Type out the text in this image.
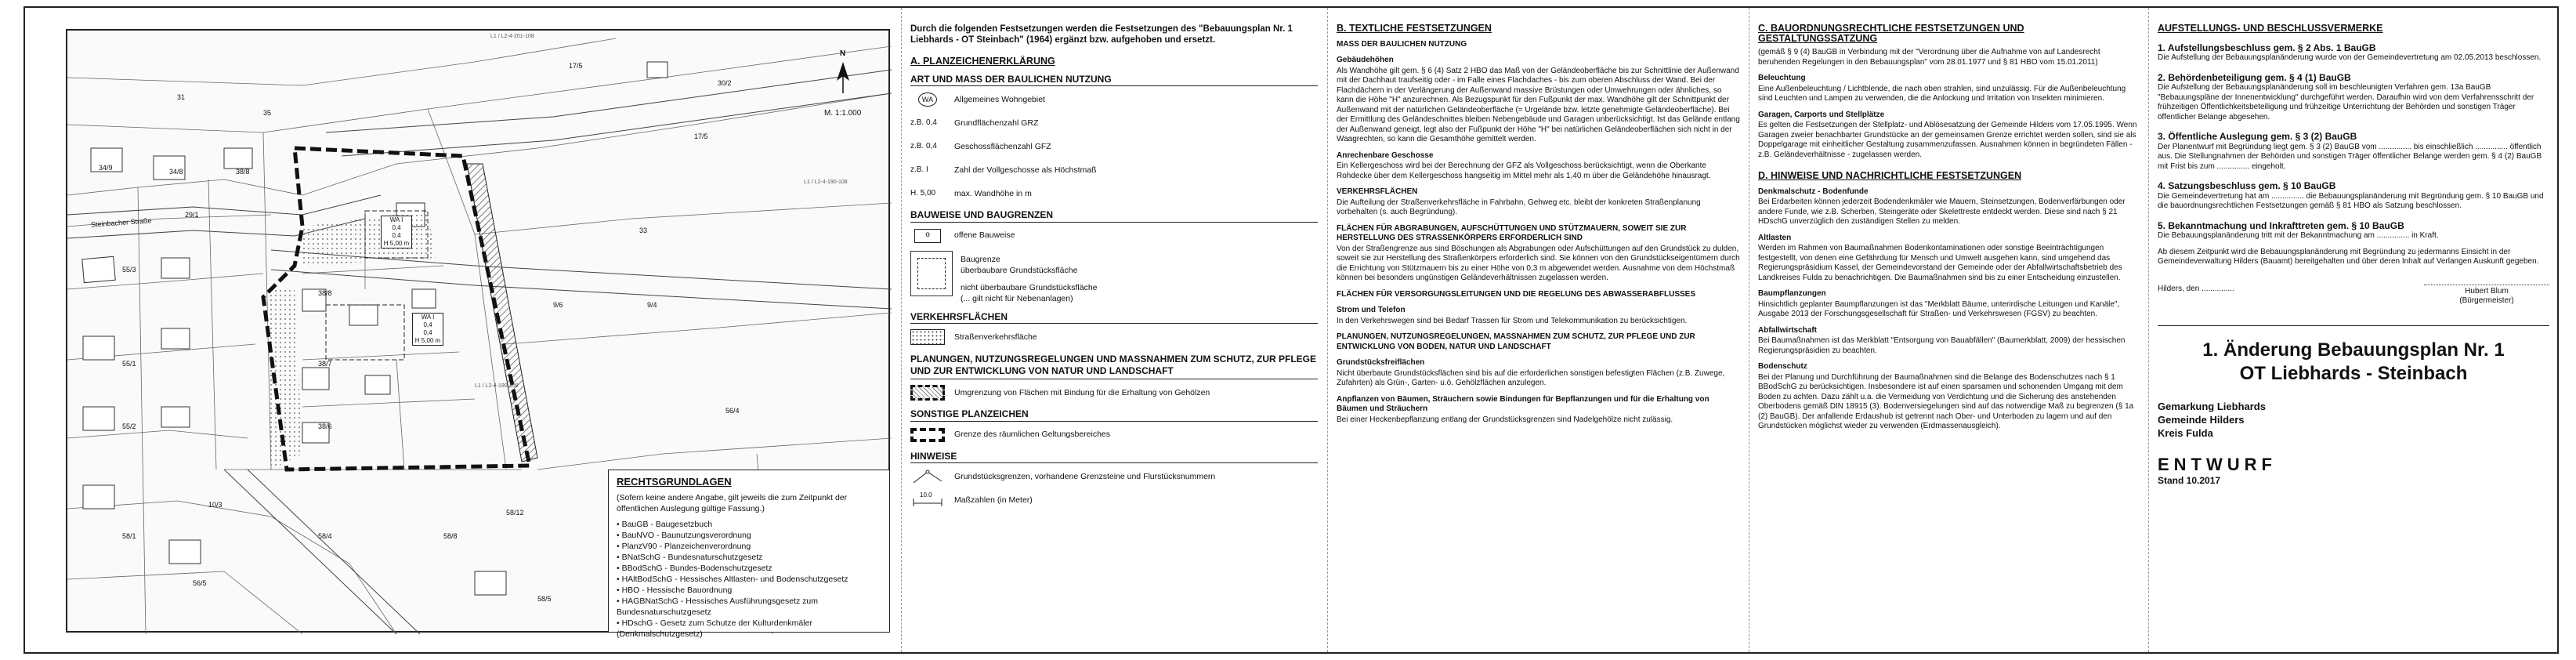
M. 1:1.000
N
L1 / L2-4-201-108
L1 / L2-4-190-108
L1 / L2-4-190-108
30/2
17/5
17/5
31
33
34/8
34/9	38/8
35
29/1
55/3
55/1
55/2
9/6	9/4
38/8
38/7
38/6
58/4	58/8
58/1
56/4
56/5
58/12
58/5
10/3
Steinbacher Straße	WA I
0,4
0,4
H 5,00 m
WA I
0,4
0,4
H 5,00 m
RECHTSGRUNDLAGEN

(Sofern keine andere Angabe, gilt jeweils die zum Zeitpunkt der öffentlichen Auslegung gültige Fassung.)

• BauGB - Baugesetzbuch
• BauNVO - Baunutzungsverordnung
• PlanzV90 - Planzeichenverordnung
• BNatSchG - Bundesnaturschutzgesetz
• BBodSchG - Bundes-Bodenschutzgesetz
• HAltBodSchG - Hessisches Altlasten- und Bodenschutzgesetz
• HBO - Hessische Bauordnung
• HAGBNatSchG - Hessisches Ausführungsgesetz zum Bundesnaturschutzgesetz
• HDschG - Gesetz zum Schutze der Kulturdenkmäler (Denkmalschutzgesetz)
Durch die folgenden Festsetzungen werden die Festsetzungen des "Bebauungsplan Nr. 1 Liebhards - OT Steinbach" (1964) ergänzt bzw. aufgehoben und ersetzt.
A. PLANZEICHENERKLÄRUNG
ART UND MASS DER BAULICHEN NUTZUNG
WA	Allgemeines Wohngebiet
z.B. 0,4	Grundflächenzahl GRZ
z.B. 0,4	Geschossflächenzahl GFZ
z.B. I	Zahl der Vollgeschosse als Höchstmaß
H. 5,00	max. Wandhöhe in m
BAUWEISE UND BAUGRENZEN
o	offene Bauweise
Baugrenze
überbaubare Grundstücksfläche
nicht überbaubare Grundstücksfläche
(... gilt nicht für Nebenanlagen)
VERKEHRSFLÄCHEN
Straßenverkehrsfläche
PLANUNGEN, NUTZUNGSREGELUNGEN UND MASSNAHMEN ZUM SCHUTZ, ZUR PFLEGE UND ZUR ENTWICKLUNG VON NATUR UND LANDSCHAFT
Umgrenzung von Flächen mit Bindung für die Erhaltung von Gehölzen
SONSTIGE PLANZEICHEN
Grenze des räumlichen Geltungsbereiches
HINWEISE
Grundstücksgrenzen, vorhandene Grenzsteine und Flurstücksnummern
10.0
Maßzahlen (in Meter)
B. TEXTLICHE FESTSETZUNGEN
MASS DER BAULICHEN NUTZUNG
Gebäudehöhen

Als Wandhöhe gilt gem. § 6 (4) Satz 2 HBO das Maß von der Geländeoberfläche bis zur Schnittlinie der Außenwand mit der Dachhaut traufseitig oder - im Falle eines Flachdaches - bis zum oberen Abschluss der Wand. Bei der Flachdächern in der Verlängerung der Außenwand massive Brüstungen oder Umwehrungen oder ähnliches, so kann die Höhe "H" anzurechnen. Als Bezugspunkt für den Fußpunkt der max. Wandhöhe gilt der Schnittpunkt der Außenwand mit der natürlichen Geländeoberfläche (= Urgelände bzw. letzte genehmigte Geländeoberfläche). Bei der Ermittlung des Geländeschnittes bleiben Nebengebäude und Garagen unberücksichtigt. Ist das Gelände entlang der Außenwand geneigt, legt also der Fußpunkt der Höhe "H" bei natürlichen Geländeoberflächen sich nicht in der Waagrechten, so kann die Gesamthöhe gemittelt werden.

Anrechenbare Geschosse

Ein Kellergeschoss wird bei der Berechnung der GFZ als Vollgeschoss berücksichtigt, wenn die Oberkante Rohdecke über dem Kellergeschoss hangseitig im Mittel mehr als 1,40 m über die Geländehöhe hinausragt.

VERKEHRSFLÄCHEN

Die Aufteilung der Straßenverkehrsfläche in Fahrbahn, Gehweg etc. bleibt der konkreten Straßenplanung vorbehalten (s. auch Begründung).

FLÄCHEN FÜR ABGRABUNGEN, AUFSCHÜTTUNGEN UND STÜTZMAUERN, SOWEIT SIE ZUR HERSTELLUNG DES STRASSENKÖRPERS ERFORDERLICH SIND

Von der Straßengrenze aus sind Böschungen als Abgrabungen oder Aufschüttungen auf den Grundstück zu dulden, soweit sie zur Herstellung des Straßenkörpers erforderlich sind. Sie können von den Grundstückseigentümern durch die Errichtung von Stützmauern bis zu einer Höhe von 0,3 m abgewendet werden. Ausnahme von dem Höchstmaß können bei besonders ungünstigen Geländeverhältnissen zugelassen werden.

FLÄCHEN FÜR VERSORGUNGSLEITUNGEN UND DIE REGELUNG DES ABWASSERABFLUSSES
Strom und Telefon

In den Verkehrswegen sind bei Bedarf Trassen für Strom und Telekommunikation zu berücksichtigen.

PLANUNGEN, NUTZUNGSREGELUNGEN, MASSNAHMEN ZUM SCHUTZ, ZUR PFLEGE UND ZUR ENTWICKLUNG VON BODEN, NATUR UND LANDSCHAFT
Grundstücksfreiflächen

Nicht überbaute Grundstücksflächen sind bis auf die erforderlichen sonstigen befestigten Flächen (z.B. Zuwege, Zufahrten) als Grün-, Garten- u.ö. Gehölzflächen anzulegen.

Anpflanzen von Bäumen, Sträuchern sowie Bindungen für Bepflanzungen und für die Erhaltung von Bäumen und Sträuchern

Bei einer Heckenbepflanzung entlang der Grundstücksgrenzen sind Nadelgehölze nicht zulässig.

C. BAUORDNUNGSRECHTLICHE FESTSETZUNGEN UND GESTALTUNGSSATZUNG

(gemäß § 9 (4) BauGB in Verbindung mit der "Verordnung über die Aufnahme von auf Landesrecht beruhenden Regelungen in den Bebauungsplan" vom 28.01.1977 und § 81 HBO vom 15.01.2011)

Beleuchtung

Eine Außenbeleuchtung / Lichtblende, die nach oben strahlen, sind unzulässig. Für die Außenbeleuchtung sind Leuchten und Lampen zu verwenden, die die Anlockung und Irritation von Insekten minimieren.

Garagen, Carports und Stellplätze

Es gelten die Festsetzungen der Stellplatz- und Ablösesatzung der Gemeinde Hilders vom 17.05.1995. Wenn Garagen zweier benachbarter Grundstücke an der gemeinsamen Grenze errichtet werden sollen, sind sie als Doppelgarage mit einheitlicher Gestaltung zusammenzufassen. Ausnahmen können in begründeten Fällen - z.B. Geländeverhältnisse - zugelassen werden.

D. HINWEISE UND NACHRICHTLICHE FESTSETZUNGEN
Denkmalschutz - Bodenfunde

Bei Erdarbeiten können jederzeit Bodendenkmäler wie Mauern, Steinsetzungen, Bodenverfärbungen oder andere Funde, wie z.B. Scherben, Steingeräte oder Skelettreste entdeckt werden. Diese sind nach § 21 HDschG unverzüglich den zuständigen Stellen zu melden.

Altlasten

Werden im Rahmen von Baumaßnahmen Bodenkontaminationen oder sonstige Beeinträchtigungen festgestellt, von denen eine Gefährdung für Mensch und Umwelt ausgehen kann, sind umgehend das Regierungspräsidium Kassel, der Gemeindevorstand der Gemeinde oder der Abfallwirtschaftsbetrieb des Landkreises Fulda zu benachrichtigen. Die Baumaßnahmen sind bis zu einer Entscheidung einzustellen.

Baumpflanzungen

Hinsichtlich geplanter Baumpflanzungen ist das "Merkblatt Bäume, unterirdische Leitungen und Kanäle", Ausgabe 2013 der Forschungsgesellschaft für Straßen- und Verkehrswesen (FGSV) zu beachten.

Abfallwirtschaft

Bei Baumaßnahmen ist das Merkblatt "Entsorgung von Bauabfällen" (Baumerkblatt, 2009) der hessischen Regierungspräsidien zu beachten.

Bodenschutz

Bei der Planung und Durchführung der Baumaßnahmen sind die Belange des Bodenschutzes nach § 1 BBodSchG zu berücksichtigen. Insbesondere ist auf einen sparsamen und schonenden Umgang mit dem Boden zu achten. Dazu zählt u.a. die Vermeidung von Verdichtung und die Sicherung des anstehenden Oberbodens gemäß DIN 18915 (3). Bodenversiegelungen sind auf das notwendige Maß zu begrenzen (§ 1a (2) BauGB). Der anfallende Erdaushub ist getrennt nach Ober- und Unterboden zu lagern und auf den Grundstücken möglichst wieder zu verwenden (Erdmassenausgleich).

AUFSTELLUNGS- UND BESCHLUSSVERMERKE
1. Aufstellungsbeschluss gem. § 2 Abs. 1 BauGB

Die Aufstellung der Bebauungsplanänderung wurde von der Gemeindevertretung am 02.05.2013 beschlossen.

2. Behördenbeteiligung gem. § 4 (1) BauGB

Die Aufstellung der Bebauungsplanänderung soll im beschleunigten Verfahren gem. 13a BauGB "Bebauungspläne der Innenentwicklung" durchgeführt werden. Daraufhin wird von dem Verfahrensschritt der frühzeitigen Öffentlichkeitsbeteiligung und frühzeitige Unterrichtung der Behörden und sonstigen Träger öffentlicher Belange abgesehen.

3. Öffentliche Auslegung gem. § 3 (2) BauGB

Der Planentwurf mit Begründung liegt gem. § 3 (2) BauGB vom ............... bis einschließlich ............... öffentlich aus. Die Stellungnahmen der Behörden und sonstigen Träger öffentlicher Belange werden gem. § 4 (2) BauGB mit Frist bis zum ............... eingeholt.

4. Satzungsbeschluss gem. § 10 BauGB

Die Gemeindevertretung hat am ............... die Bebauungsplanänderung mit Begründung gem. § 10 BauGB und die bauordnungsrechtlichen Festsetzungen gemäß § 81 HBO als Satzung beschlossen.

5. Bekanntmachung und Inkrafttreten gem. § 10 BauGB

Die Bebauungsplanänderung tritt mit der Bekanntmachung am ............... in Kraft.

Ab diesem Zeitpunkt wird die Bebauungsplanänderung mit Begründung zu jedermanns Einsicht in der Gemeindeverwaltung Hilders (Bauamt) bereitgehalten und über deren Inhalt auf Verlangen Auskunft gegeben.

Hilders, den ...............	Hubert Blum
(Bürgermeister)
1. Änderung Bebauungsplan Nr. 1
OT Liebhards - Steinbach
Gemarkung Liebhards
Gemeinde Hilders
Kreis Fulda
ENTWURF
Stand 10.2017
